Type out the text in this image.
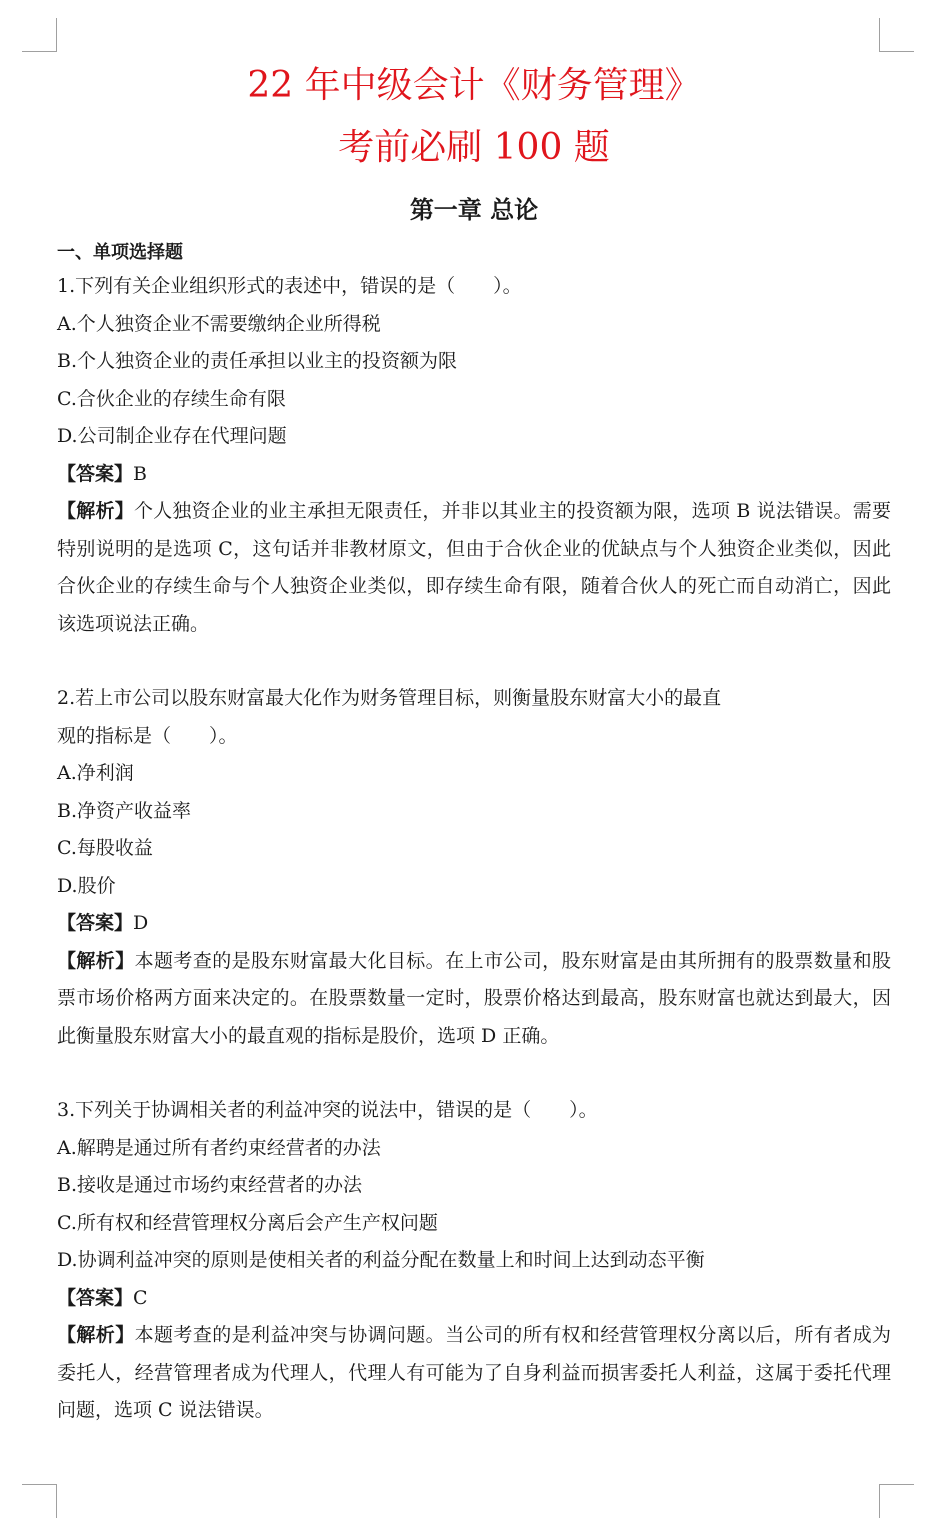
22 年中级会计《财务管理》
考前必刷 100 题
第一章 总论
一、单项选择题
1.下列有关企业组织形式的表述中，错误的是（　　）。
A.个人独资企业不需要缴纳企业所得税
B.个人独资企业的责任承担以业主的投资额为限
C.合伙企业的存续生命有限
D.公司制企业存在代理问题
【答案】B
【解析】个人独资企业的业主承担无限责任，并非以其业主的投资额为限，选项 B 说法错误。需要特别说明的是选项 C，这句话并非教材原文，但由于合伙企业的优缺点与个人独资企业类似，因此合伙企业的存续生命与个人独资企业类似，即存续生命有限，随着合伙人的死亡而自动消亡，因此该选项说法正确。
2.若上市公司以股东财富最大化作为财务管理目标，则衡量股东财富大小的最直
观的指标是（　　）。
A.净利润
B.净资产收益率
C.每股收益
D.股价
【答案】D
【解析】本题考查的是股东财富最大化目标。在上市公司，股东财富是由其所拥有的股票数量和股票市场价格两方面来决定的。在股票数量一定时，股票价格达到最高，股东财富也就达到最大，因此衡量股东财富大小的最直观的指标是股价，选项 D 正确。
3.下列关于协调相关者的利益冲突的说法中，错误的是（　　）。
A.解聘是通过所有者约束经营者的办法
B.接收是通过市场约束经营者的办法
C.所有权和经营管理权分离后会产生产权问题
D.协调利益冲突的原则是使相关者的利益分配在数量上和时间上达到动态平衡
【答案】C
【解析】本题考查的是利益冲突与协调问题。当公司的所有权和经营管理权分离以后，所有者成为委托人，经营管理者成为代理人，代理人有可能为了自身利益而损害委托人利益，这属于委托代理问题，选项 C 说法错误。
